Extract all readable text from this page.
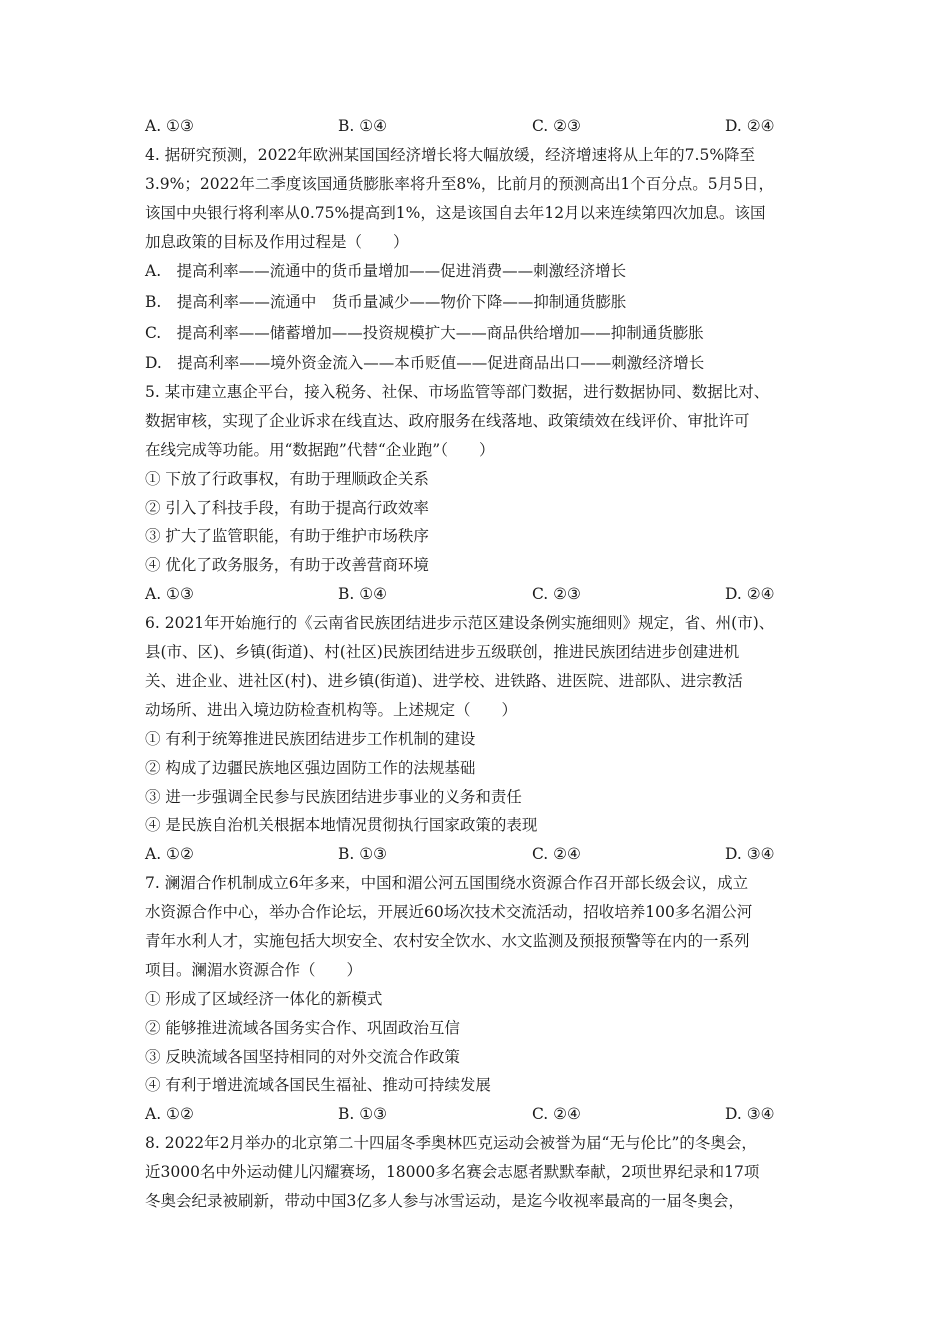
A. ①③	B. ①④	C. ②③	D. ②④
4. 据研究预测，2022年欧洲某国国经济增长将大幅放缓，经济增速将从上年的7.5%降至
3.9%；2022年二季度该国通货膨胀率将升至8%，比前月的预测高出1个百分点。5月5日，
该国中央银行将利率从0.75%提高到1%，这是该国自去年12月以来连续第四次加息。该国
加息政策的目标及作用过程是（　　）
A.　提高利率——流通中的货币量增加——促进消费——刺激经济增长
B.　提高利率——流通中　货币量减少——物价下降——抑制通货膨胀
C.　提高利率——储蓄增加——投资规模扩大——商品供给增加——抑制通货膨胀
D.　提高利率——境外资金流入——本币贬值——促进商品出口——刺激经济增长
5. 某市建立惠企平台，接入税务、社保、市场监管等部门数据，进行数据协同、数据比对、
数据审核，实现了企业诉求在线直达、政府服务在线落地、政策绩效在线评价、审批许可
在线完成等功能。用“数据跑”代替“企业跑”（　　）
① 下放了行政事权，有助于理顺政企关系
② 引入了科技手段，有助于提高行政效率
③ 扩大了监管职能，有助于维护市场秩序
④ 优化了政务服务，有助于改善营商环境
A. ①③	B. ①④	C. ②③	D. ②④
6. 2021年开始施行的《云南省民族团结进步示范区建设条例实施细则》规定，省、州(市)、
县(市、区)、乡镇(街道)、村(社区)民族团结进步五级联创，推进民族团结进步创建进机
关、进企业、进社区(村)、进乡镇(街道)、进学校、进铁路、进医院、进部队、进宗教活
动场所、进出入境边防检查机构等。上述规定（　　）
① 有利于统筹推进民族团结进步工作机制的建设
② 构成了边疆民族地区强边固防工作的法规基础
③ 进一步强调全民参与民族团结进步事业的义务和责任
④ 是民族自治机关根据本地情况贯彻执行国家政策的表现
A. ①②	B. ①③	C. ②④	D. ③④
7. 澜湄合作机制成立6年多来，中国和湄公河五国围绕水资源合作召开部长级会议，成立
水资源合作中心，举办合作论坛，开展近60场次技术交流活动，招收培养100多名湄公河
青年水利人才，实施包括大坝安全、农村安全饮水、水文监测及预报预警等在内的一系列
项目。澜湄水资源合作（　　）
① 形成了区域经济一体化的新模式
② 能够推进流域各国务实合作、巩固政治互信
③ 反映流域各国坚持相同的对外交流合作政策
④ 有利于增进流域各国民生福祉、推动可持续发展
A. ①②	B. ①③	C. ②④	D. ③④
8. 2022年2月举办的北京第二十四届冬季奥林匹克运动会被誉为届“无与伦比”的冬奥会，
近3000名中外运动健儿闪耀赛场，18000多名赛会志愿者默默奉献，2项世界纪录和17项
冬奥会纪录被刷新，带动中国3亿多人参与冰雪运动，是迄今收视率最高的一届冬奥会，
